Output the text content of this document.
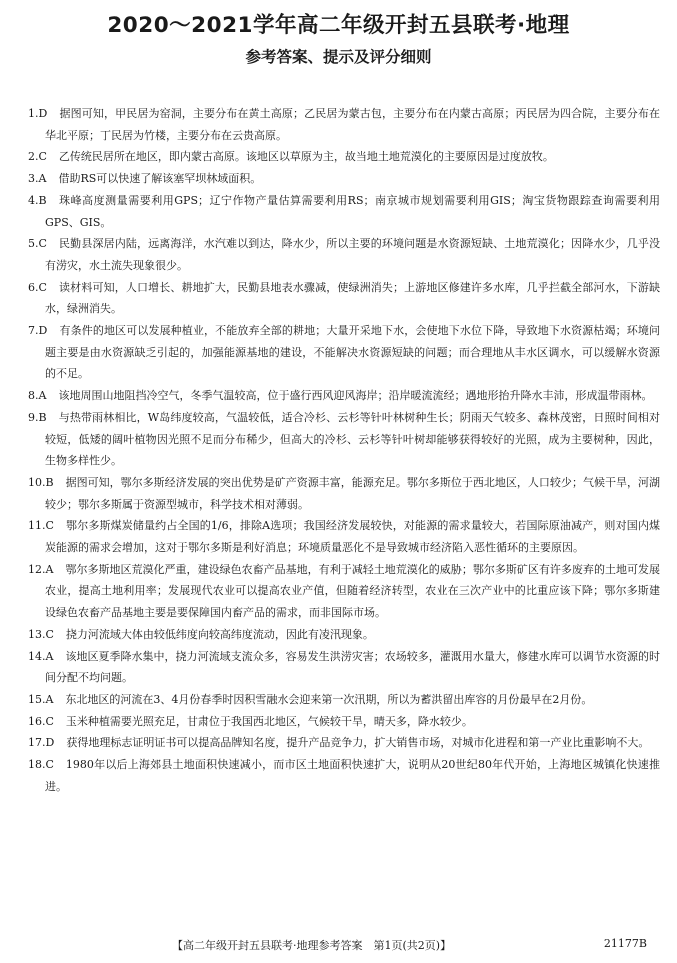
2020～2021学年高二年级开封五县联考·地理
参考答案、提示及评分细则

1.D 据图可知，甲民居为窑洞，主要分布在黄土高原；乙民居为蒙古包，主要分布在内蒙古高原；丙民居为四合院，主要分布在华北平原；丁民居为竹楼，主要分布在云贵高原。

2.C 乙传统民居所在地区，即内蒙古高原。该地区以草原为主，故当地土地荒漠化的主要原因是过度放牧。

3.A 借助RS可以快速了解该塞罕坝林域面积。

4.B 珠峰高度测量需要利用GPS；辽宁作物产量估算需要利用RS；南京城市规划需要利用GIS；淘宝货物跟踪查询需要利用GPS、GIS。

5.C 民勤县深居内陆，远离海洋，水汽难以到达，降水少，所以主要的环境问题是水资源短缺、土地荒漠化；因降水少，几乎没有涝灾，水土流失现象很少。

6.C 读材料可知，人口增长、耕地扩大，民勤县地表水骤减，使绿洲消失；上游地区修建许多水库，几乎拦截全部河水，下游缺水，绿洲消失。

7.D 有条件的地区可以发展种植业，不能放弃全部的耕地；大量开采地下水，会使地下水位下降，导致地下水资源枯竭；环境问题主要是由水资源缺乏引起的，加强能源基地的建设，不能解决水资源短缺的问题；而合理地从丰水区调水，可以缓解水资源的不足。

8.A 该地周围山地阻挡冷空气，冬季气温较高，位于盛行西风迎风海岸；沿岸暖流流经；遇地形抬升降水丰沛，形成温带雨林。

9.B 与热带雨林相比，W岛纬度较高，气温较低，适合冷杉、云杉等针叶林树种生长；阴雨天气较多、森林茂密，日照时间相对较短，低矮的阔叶植物因光照不足而分布稀少，但高大的冷杉、云杉等针叶树却能够获得较好的光照，成为主要树种，因此，生物多样性少。

10.B 据图可知，鄂尔多斯经济发展的突出优势是矿产资源丰富，能源充足。鄂尔多斯位于西北地区，人口较少；气候干旱，河湖较少；鄂尔多斯属于资源型城市，科学技术相对薄弱。

11.C 鄂尔多斯煤炭储量约占全国的1/6，排除A选项；我国经济发展较快，对能源的需求量较大，若国际原油减产，则对国内煤炭能源的需求会增加，这对于鄂尔多斯是利好消息；环境质量恶化不是导致城市经济陷入恶性循环的主要原因。

12.A 鄂尔多斯地区荒漠化严重，建设绿色农畜产品基地，有利于减轻土地荒漠化的威胁；鄂尔多斯矿区有许多废弃的土地可发展农业，提高土地利用率；发展现代农业可以提高农业产值，但随着经济转型，农业在三次产业中的比重应该下降；鄂尔多斯建设绿色农畜产品基地主要是要保障国内畜产品的需求，而非国际市场。

13.C 挠力河流域大体由较低纬度向较高纬度流动，因此有凌汛现象。

14.A 该地区夏季降水集中，挠力河流域支流众多，容易发生洪涝灾害；农场较多，灌溉用水量大，修建水库可以调节水资源的时间分配不均问题。

15.A 东北地区的河流在3、4月份春季时因积雪融水会迎来第一次汛期，所以为蓄洪留出库容的月份最早在2月份。

16.C 玉米种植需要光照充足，甘肃位于我国西北地区，气候较干旱，晴天多，降水较少。

17.D 获得地理标志证明证书可以提高品牌知名度，提升产品竞争力，扩大销售市场，对城市化进程和第一产业比重影响不大。

18.C 1980年以后上海郊县土地面积快速减小，而市区土地面积快速扩大，说明从20世纪80年代开始，上海地区城镇化快速推进。

【高二年级开封五县联考·地理参考答案　第1页(共2页)】	21177B
